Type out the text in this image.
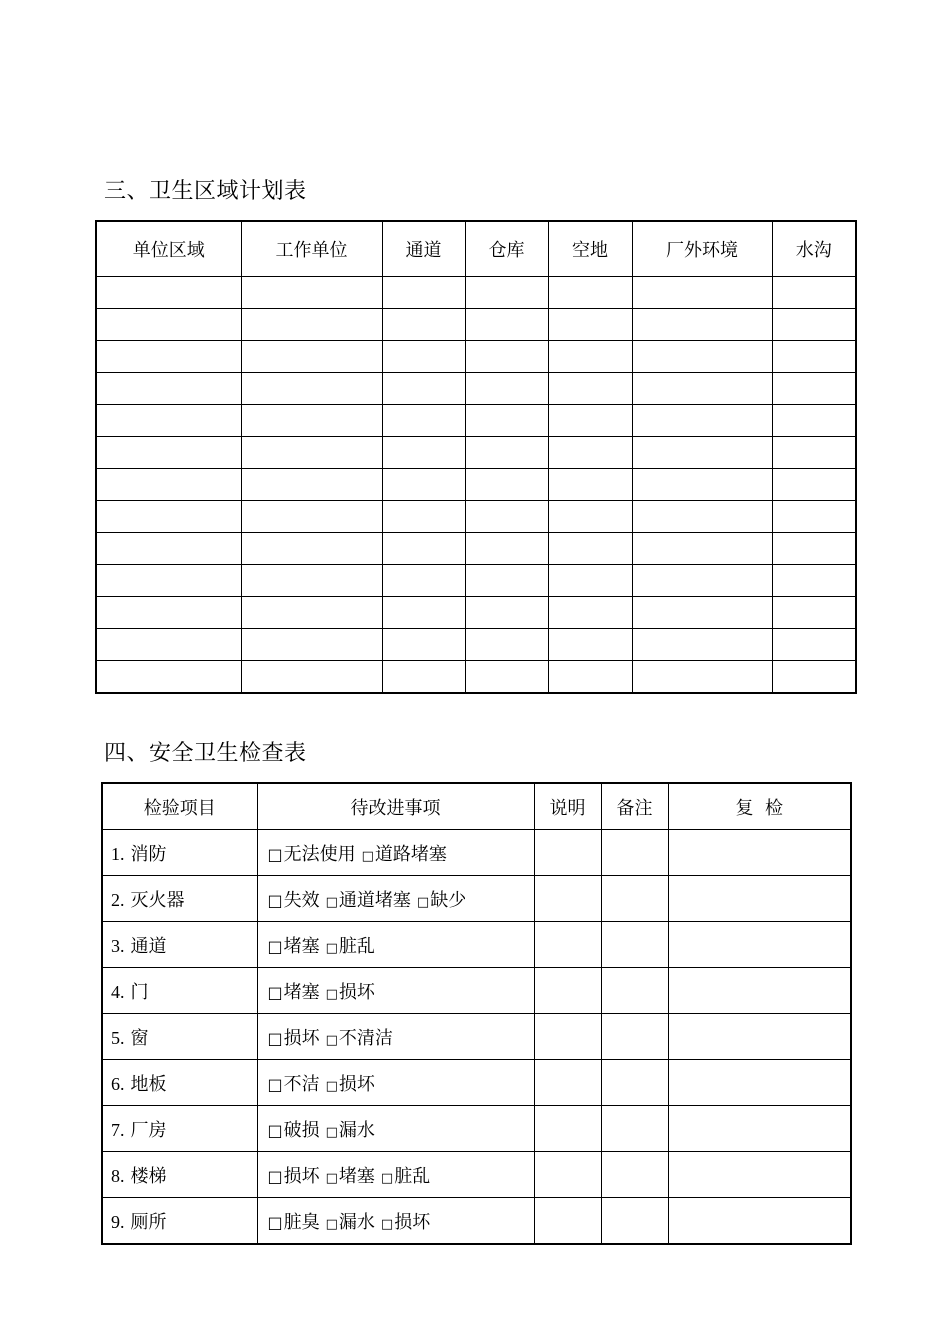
三、卫生区域计划表
单位区域	工作单位	通道	仓库	空地	厂外环境	水沟

四、安全卫生检查表
检验项目	待改进事项	说明	备注	复  检
1. 消防	□无法使用 □道路堵塞			
2. 灭火器	□失效 □通道堵塞 □缺少			
3. 通道	□堵塞 □脏乱			
4. 门	□堵塞 □损坏			
5. 窗	□损坏 □不清洁			
6. 地板	□不洁 □损坏			
7. 厂房	□破损 □漏水			
8. 楼梯	□损坏 □堵塞 □脏乱			
9. 厕所	□脏臭 □漏水 □损坏			
